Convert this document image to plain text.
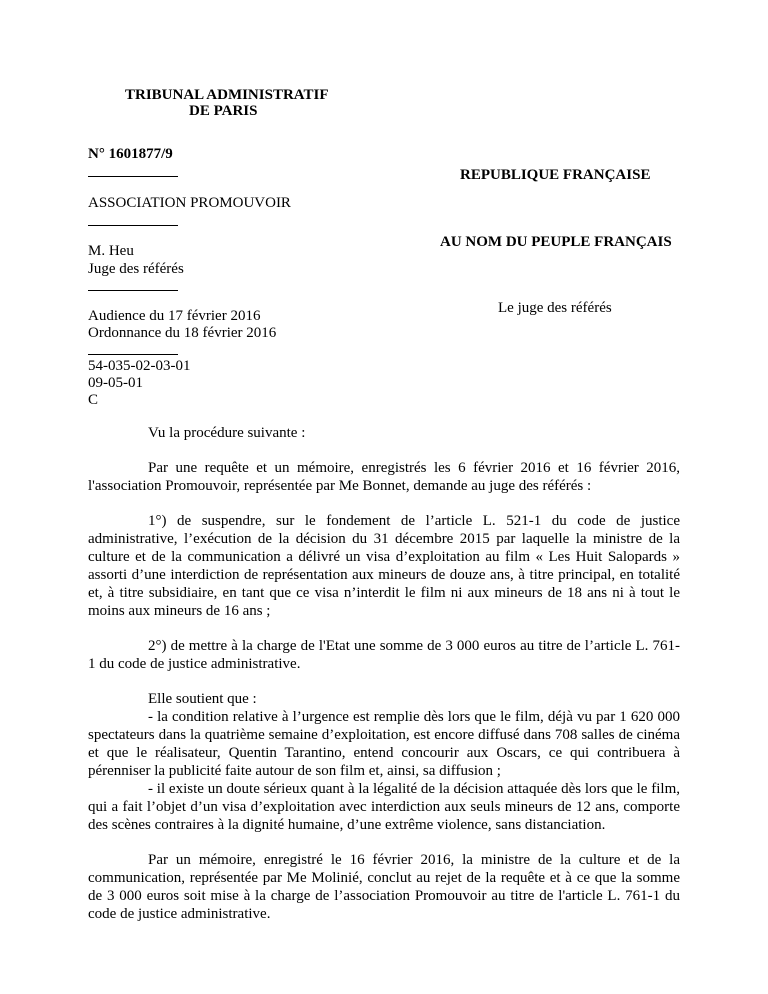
TRIBUNAL ADMINISTRATIF
DE PARIS
N° 1601877/9
REPUBLIQUE FRANÇAISE
ASSOCIATION PROMOUVOIR
AU NOM DU PEUPLE FRANÇAIS
M. Heu
Juge des référés
Le juge des référés
Audience du 17 février 2016
Ordonnance du 18 février 2016
54-035-02-03-01
09-05-01
C

Vu la procédure suivante :

Par une requête et un mémoire, enregistrés les 6 février 2016 et 16 février 2016, l'association Promouvoir, représentée par Me Bonnet, demande au juge des référés :

1°) de suspendre, sur le fondement de l’article L. 521-1 du code de justice administrative, l’exécution de la décision du 31 décembre 2015 par laquelle la ministre de la culture et de la communication a délivré un visa d’exploitation au film « Les Huit Salopards » assorti d’une interdiction de représentation aux mineurs de douze ans, à titre principal, en totalité et, à titre subsidiaire, en tant que ce visa n’interdit le film ni aux mineurs de 18 ans ni à tout le moins aux mineurs de 16 ans ;

2°) de mettre à la charge de l'Etat une somme de 3 000 euros au titre de l’article L. 761-1 du code de justice administrative.

Elle soutient que :

- la condition relative à l’urgence est remplie dès lors que le film, déjà vu par 1 620 000 spectateurs dans la quatrième semaine d’exploitation, est encore diffusé dans 708 salles de cinéma et que le réalisateur, Quentin Tarantino, entend concourir aux Oscars, ce qui contribuera à pérenniser la publicité faite autour de son film et, ainsi, sa diffusion ;

- il existe un doute sérieux quant à la légalité de la décision attaquée dès lors que le film, qui a fait l’objet d’un visa d’exploitation avec interdiction aux seuls mineurs de 12 ans, comporte des scènes contraires à la dignité humaine, d’une extrême violence, sans distanciation.

Par un mémoire, enregistré le 16 février 2016, la ministre de la culture et de la communication, représentée par Me Molinié, conclut au rejet de la requête et à ce que la somme de 3 000 euros soit mise à la charge de l’association Promouvoir au titre de l'article L. 761-1 du code de justice administrative.
